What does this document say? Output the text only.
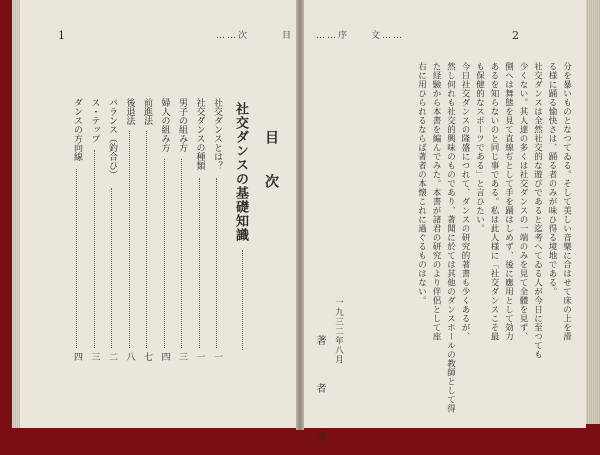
1	……次　　　目
目　次
社交ダンスの基礎知識
社交ダンスとは？
一
社交ダンスの種類
一
男子の組み方
三
婦人の組み方
四
前進法
七
後退法
八
バランス（釣合ひ）
二
ス・テップ
三
ダンスの方向線
四
……序　　文……	2
分を暴いものとなつてゐる。そして美しい音樂に合はせて床の上を滑
る様に踊る愉快さは、踊る者のみが味ひ得る境地である。
社交ダンスは全然社交的な遊びであると迄考へてゐる人が今日に至つても
少くない。其人達の多くは社交ダンスの一端のみを見て全體を見ず、
側へは舞態を見て直線ぢとして手を踊はしめず、後に應用として効力
あるを知らないのと同じ事である。私は此人様に「社交ダンスこそ最
も保健的なスポーツである」と言ひたい。
今日社交ダンスの隆盛につれて、ダンスの研究的著書も少くあるが、
然し何れも社交的興味のものであり、著聞に於ては其他のダンスホールの教師として得
た経驗から本書を編んでみた。本書が諸君の研究のより伴侶として座
右に用ひられるならば著者の本懐これに過ぐるものはない。
一九三二年八月
著　者　識
